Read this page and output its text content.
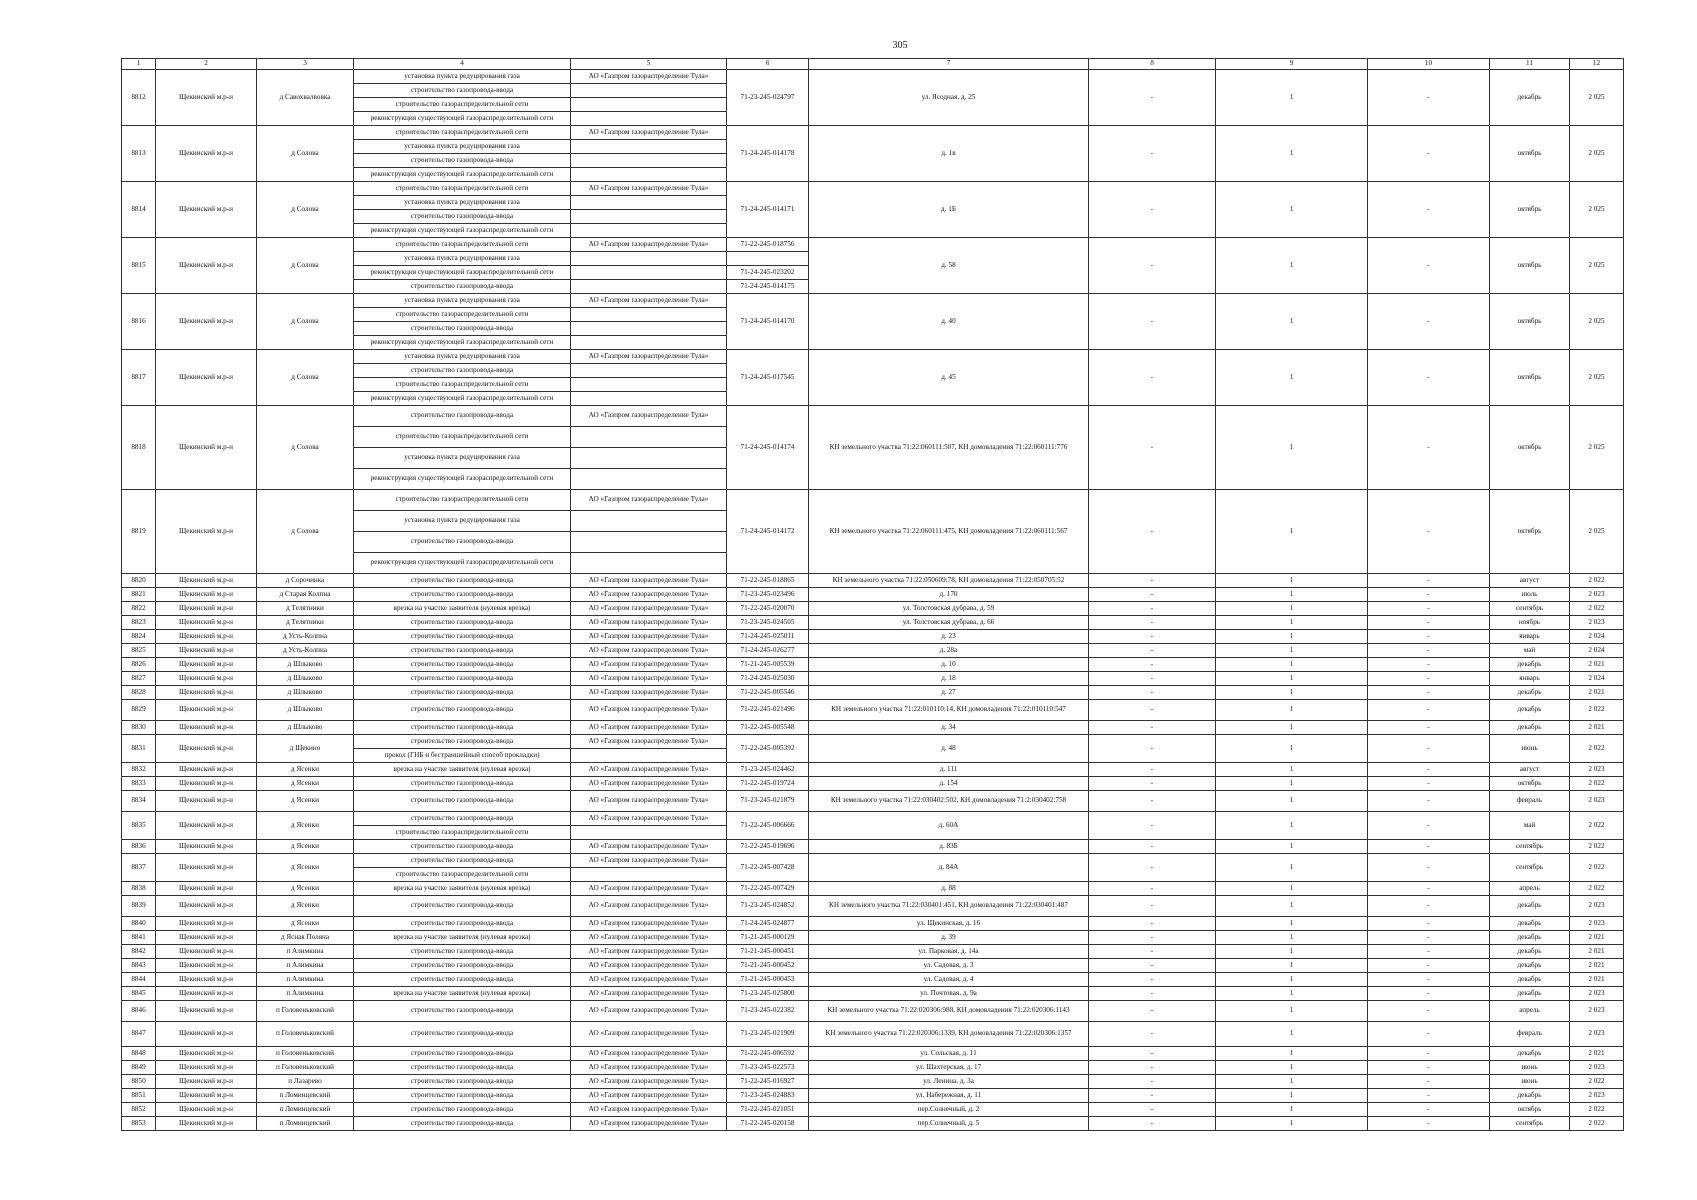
305
1	2	3	4	5	6	7	8	9	10	11	12
8812	Щекинский м.р-н	д Савохвалвовка	установка пункта редуцирования газа	АО «Газпром газораспределение Тула»	71-23-245-024797	ул. Ясодная, д. 25	-	1	-	декабрь	2 025
			строительство газопровода-ввода								
			строительство газораспределительной сети								
			реконструкция существующей газораспределительной сети								
8813	Щекинский м.р-н	д Солова	строительство газораспределительной сети	АО «Газпром газораспределение Тула»	71-24-245-014178	д. 1в	-	1	-	октябрь	2 025
			установка пункта редуцирования газа								
			строительство газопровода-ввода								
			реконструкция существующей газораспределительной сети								
8814	Щекинский м.р-н	д Солова	строительство газораспределительной сети	АО «Газпром газораспределение Тула»	71-24-245-014171	д. 1Б	-	1	-	октябрь	2 025
			установка пункта редуцирования газа								
			строительство газопровода-ввода								
			реконструкция существующей газораспределительной сети								
8815	Щекинский м.р-н	д Солова	строительство газораспределительной сети	АО «Газпром газораспределение Тула»	71-22-245-018756	д. 58	-	1	-	октябрь	2 025
			установка пункта редуцирования газа								
			реконструкция существующей газораспределительной сети		71-24-245-023202						
			строительство газопровода-ввода		71-24-245-014175						
8816	Щекинский м.р-н	д Солова	установка пункта редуцирования газа	АО «Газпром газораспределение Тула»	71-24-245-014170	д. 40	-	1	-	октябрь	2 025
			строительство газораспределительной сети								
			строительство газопровода-ввода								
			реконструкция существующей газораспределительной сети								
8817	Щекинский м.р-н	д Солова	установка пункта редуцирования газа	АО «Газпром газораспределение Тула»	71-24-245-017545	д. 45	-	1	-	октябрь	2 025
			строительство газопровода-ввода								
			строительство газораспределительной сети								
			реконструкция существующей газораспределительной сети								
8818	Щекинский м.р-н	д Солова	строительство газопровода-ввода	АО «Газпром газораспределение Тула»	71-24-245-014174	КН земельного участка 71:22:060111:507, КН домовладения 71:22:060111:776	-	1	-	октябрь	2 025
			строительство газораспределительной сети								
			установка пункта редуцирования газа								
			реконструкция существующей газораспределительной сети								
8819	Щекинский м.р-н	д Солова	строительство газораспределительной сети	АО «Газпром газораспределение Тула»	71-24-245-014172	КН земельного участка 71:22:060111:475, КН домовладения 71:22:060111:567	-	1	-	октябрь	2 025
			установка пункта редуцирования газа								
			строительство газопровода-ввода								
			реконструкция существующей газораспределительной сети								
8820	Щекинский м.р-н	д Сорочинка	строительство газопровода-ввода	АО «Газпром газораспределение Тула»	71-22-245-018865	КН земельного участка 71:22:050609:78, КН домовладения 71:22:050705:52	-	1	-	август	2 022
8821	Щекинский м.р-н	д Старая Колпна	строительство газопровода-ввода	АО «Газпром газораспределение Тула»	71-23-245-023496	д. 170	-	1	-	июль	2 023
8822	Щекинский м.р-н	д Телятники	врезка на участке заявителя (нулевая врезка)	АО «Газпром газораспределение Тула»	71-22-245-020070	ул. Толстовская дубрава, д. 59	-	1	-	сентябрь	2 022
8823	Щекинский м.р-н	д Телятники	строительство газопровода-ввода	АО «Газпром газораспределение Тула»	71-23-245-024505	ул. Толстовская дубрава, д. 66	-	1	-	ноябрь	2 023
8824	Щекинский м.р-н	д Усть-Колпна	строительство газопровода-ввода	АО «Газпром газораспределение Тула»	71-24-245-025011	д. 23	-	1	-	январь	2 024
8825	Щекинский м.р-н	д Усть-Колпна	строительство газопровода-ввода	АО «Газпром газораспределение Тула»	71-24-245-026277	д. 28а	-	1	-	май	2 024
8826	Щекинский м.р-н	д Шлыково	строительство газопровода-ввода	АО «Газпром газораспределение Тула»	71-21-245-005539	д. 10	-	1	-	декабрь	2 021
8827	Щекинский м.р-н	д Шлыково	строительство газопровода-ввода	АО «Газпром газораспределение Тула»	71-24-245-025030	д. 18	-	1	-	январь	2 024
8828	Щекинский м.р-н	д Шлыково	строительство газопровода-ввода	АО «Газпром газораспределение Тула»	71-22-245-005546	д. 27	-	1	-	декабрь	2 021
8829	Щекинский м.р-н	д Шлыково	строительство газопровода-ввода	АО «Газпром газораспределение Тула»	71-22-245-021496	КН земельного участка 71:22:010110:14, КН домовладения 71:22:010110:547	-	1	-	декабрь	2 022
8830	Щекинский м.р-н	д Шлыково	строительство газопровода-ввода	АО «Газпром газораспределение Тула»	71-22-245-005548	д. 34	-	1	-	декабрь	2 021
8831	Щекинский м.р-н	д Щекино	строительство газопровода-ввода	АО «Газпром газораспределение Тула»	71-22-245-005392	д. 48	-	1	-	июнь	2 022
			прокол (ГНБ и бестраншейный способ прокладки)								
8832	Щекинский м.р-н	д Ясенки	врезка на участке заявителя (нулевая врезка)	АО «Газпром газораспределение Тула»	71-23-245-024462	д. 111	-	1	-	август	2 023
8833	Щекинский м.р-н	д Ясенки	строительство газопровода-ввода	АО «Газпром газораспределение Тула»	71-22-245-019724	д. 154	-	1	-	октябрь	2 022
8834	Щекинский м.р-н	д Ясенки	строительство газопровода-ввода	АО «Газпром газораспределение Тула»	71-23-245-021879	КН земельного участка 71:22:030402:502, КН домовладения 71:2:030402:758	-	1	-	февраль	2 023
8835	Щекинский м.р-н	д Ясенки	строительство газопровода-ввода	АО «Газпром газораспределение Тула»	71-22-245-006666	д. 60А	-	1	-	май	2 022
			строительство газораспределительной сети								
8836	Щекинский м.р-н	д Ясенки	строительство газопровода-ввода	АО «Газпром газораспределение Тула»	71-22-245-019696	д. 83Б	-	1	-	сентябрь	2 022
8837	Щекинский м.р-н	д Ясенки	строительство газопровода-ввода	АО «Газпром газораспределение Тула»	71-22-245-007428	д. 84А	-	1	-	сентябрь	2 022
			строительство газораспределительной сети								
8838	Щекинский м.р-н	д Ясенки	врезка на участке заявителя (нулевая врезка)	АО «Газпром газораспределение Тула»	71-22-245-007429	д. 88	-	1	-	апрель	2 022
8839	Щекинский м.р-н	д Ясенки	строительство газопровода-ввода	АО «Газпром газораспределение Тула»	71-23-245-024852	КН земельного участка 71:22:030401:451, КН домовладения 71:22:030401:487	-	1	-	декабрь	2 023
8840	Щекинский м.р-н	д Ясенки	строительство газопровода-ввода	АО «Газпром газораспределение Тула»	71-24-245-024877	ул. Щекинская, д. 16	-	1	-	декабрь	2 023
8841	Щекинский м.р-н	д Ясная Поляна	врезка на участке заявителя (нулевая врезка)	АО «Газпром газораспределение Тула»	71-21-245-000129	д. 39	-	1	-	декабрь	2 021
8842	Щекинский м.р-н	п Алимкина	строительство газопровода-ввода	АО «Газпром газораспределение Тула»	71-21-245-000451	ул. Парковая, д. 14а	-	1	-	декабрь	2 021
8843	Щекинский м.р-н	п Алимкина	строительство газопровода-ввода	АО «Газпром газораспределение Тула»	71-21-245-000452	ул. Садовая, д. 3	-	1	-	декабрь	2 021
8844	Щекинский м.р-н	п Алимкина	строительство газопровода-ввода	АО «Газпром газораспределение Тула»	71-21-245-000453	ул. Садовая, д. 4	-	1	-	декабрь	2 021
8845	Щекинский м.р-н	п Алимкина	врезка на участке заявителя (нулевая врезка)	АО «Газпром газораспределение Тула»	71-23-245-025800	ул. Почтовая, д. 9а	-	1	-	декабрь	2 023
8846	Щекинский м.р-н	п Головеньковский	строительство газопровода-ввода	АО «Газпром газораспределение Тула»	71-23-245-022382	КН земельного участка 71:22:020306:988, КН домовладения 71:22:020306:1143	-	1	-	апрель	2 023
8847	Щекинский м.р-н	п Головеньковский	строительство газопровода-ввода	АО «Газпром газораспределение Тула»	71-23-245-021909	КН земельного участка 71:22:020306:1339, КН домовладения 71:22:020306:1357	-	1	-	февраль	2 023
8848	Щекинский м.р-н	п Головеньковский	строительство газопровода-ввода	АО «Газпром газораспределение Тула»	71-22-245-006592	ул. Сольская, д. 11	-	1	-	декабрь	2 021
8849	Щекинский м.р-н	п Головеньковский	строительство газопровода-ввода	АО «Газпром газораспределение Тула»	71-23-245-022573	ул. Шахтерская, д. 17	-	1	-	июнь	2 023
8850	Щекинский м.р-н	п Лазарево	строительство газопровода-ввода	АО «Газпром газораспределение Тула»	71-22-245-016927	ул. Ленина, д. 3а	-	1	-	июнь	2 022
8851	Щекинский м.р-н	п Ломинцевский	строительство газопровода-ввода	АО «Газпром газораспределение Тула»	71-23-245-024883	ул. Набережная, д. 11	-	1	-	декабрь	2 023
8852	Щекинский м.р-н	п Ломинцевский	строительство газопровода-ввода	АО «Газпром газораспределение Тула»	71-22-245-021051	пер.Солнечный, д. 2	-	1	-	октябрь	2 022
8853	Щекинский м.р-н	п Ломинцевский	строительство газопровода-ввода	АО «Газпром газораспределение Тула»	71-22-245-020158	пер.Солнечный, д. 5	-	1	-	сентябрь	2 022
